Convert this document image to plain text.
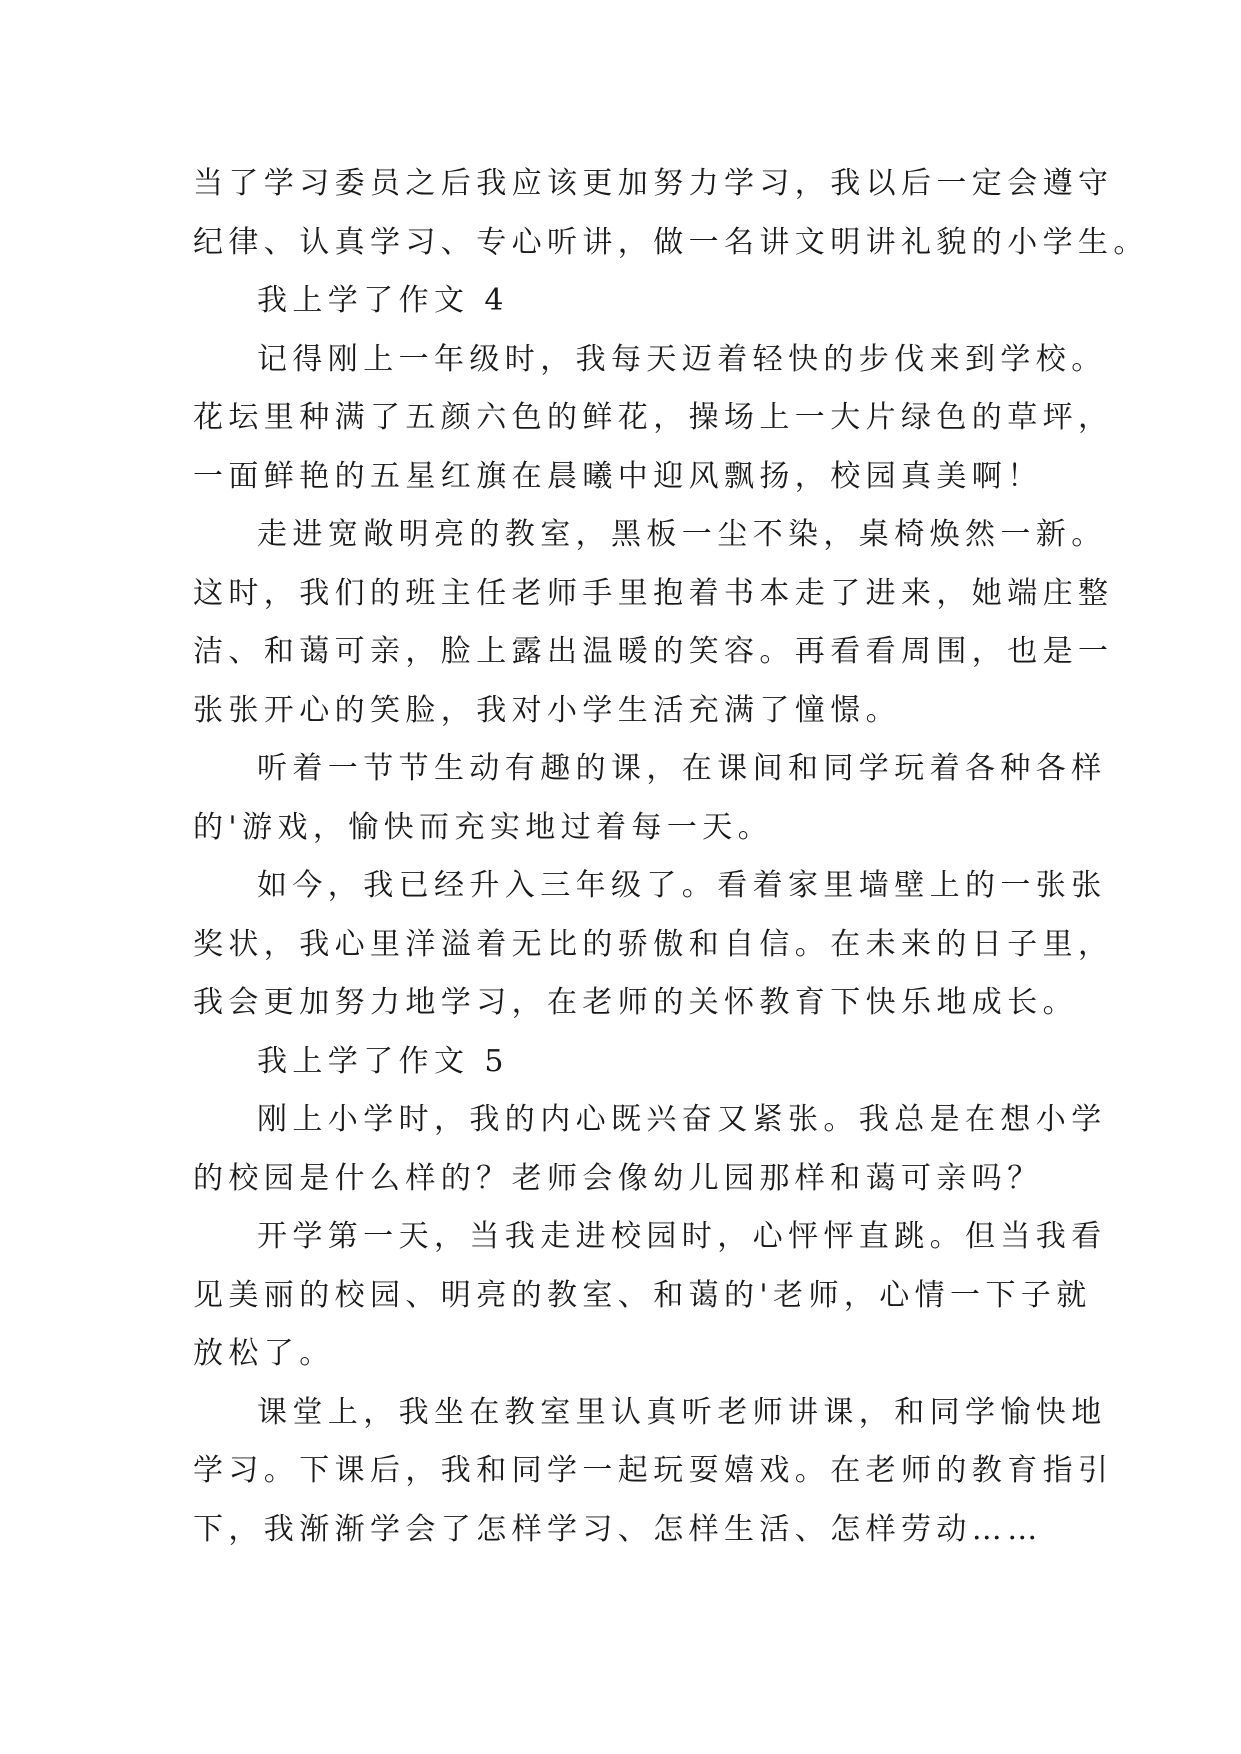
当了学习委员之后我应该更加努力学习，我以后一定会遵守
纪律、认真学习、专心听讲，做一名讲文明讲礼貌的小学生。
我上学了作文 4
记得刚上一年级时，我每天迈着轻快的步伐来到学校。
花坛里种满了五颜六色的鲜花，操场上一大片绿色的草坪，
一面鲜艳的五星红旗在晨曦中迎风飘扬，校园真美啊！
走进宽敞明亮的教室，黑板一尘不染，桌椅焕然一新。
这时，我们的班主任老师手里抱着书本走了进来，她端庄整
洁、和蔼可亲，脸上露出温暖的笑容。再看看周围，也是一
张张开心的笑脸，我对小学生活充满了憧憬。
听着一节节生动有趣的课，在课间和同学玩着各种各样
的'游戏，愉快而充实地过着每一天。
如今，我已经升入三年级了。看着家里墙壁上的一张张
奖状，我心里洋溢着无比的骄傲和自信。在未来的日子里，
我会更加努力地学习，在老师的关怀教育下快乐地成长。
我上学了作文 5
刚上小学时，我的内心既兴奋又紧张。我总是在想小学
的校园是什么样的？老师会像幼儿园那样和蔼可亲吗？
开学第一天，当我走进校园时，心怦怦直跳。但当我看
见美丽的校园、明亮的教室、和蔼的'老师，心情一下子就
放松了。
课堂上，我坐在教室里认真听老师讲课，和同学愉快地
学习。下课后，我和同学一起玩耍嬉戏。在老师的教育指引
下，我渐渐学会了怎样学习、怎样生活、怎样劳动……
